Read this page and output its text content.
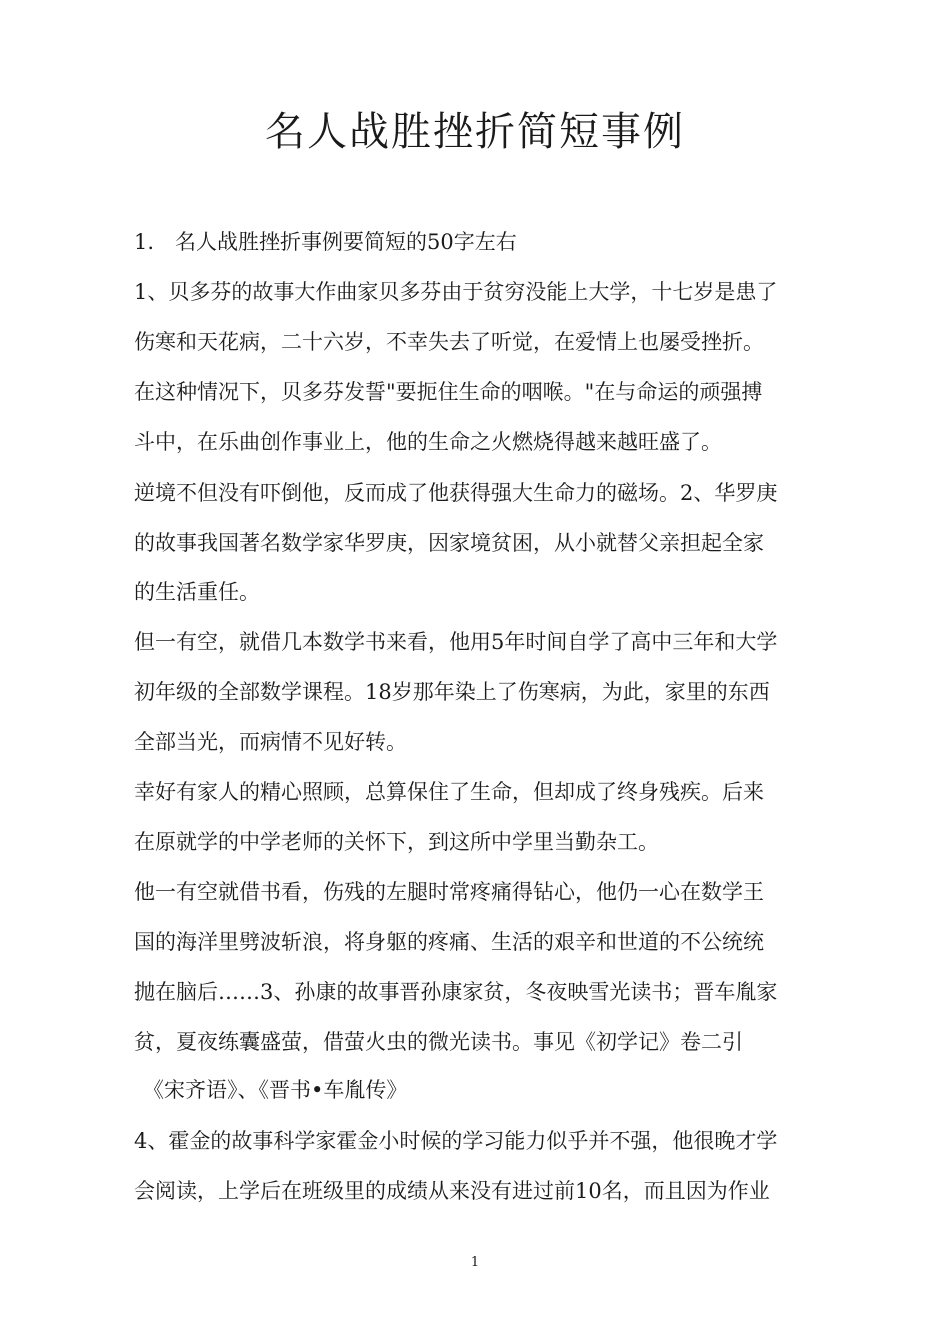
名人战胜挫折简短事例
1.　名人战胜挫折事例要简短的50字左右
1、贝多芬的故事大作曲家贝多芬由于贫穷没能上大学，十七岁是患了
伤寒和天花病，二十六岁，不幸失去了听觉，在爱情上也屡受挫折。
在这种情况下，贝多芬发誓"要扼住生命的咽喉。"在与命运的顽强搏
斗中，在乐曲创作事业上，他的生命之火燃烧得越来越旺盛了。
逆境不但没有吓倒他，反而成了他获得强大生命力的磁场。2、华罗庚
的故事我国著名数学家华罗庚，因家境贫困，从小就替父亲担起全家
的生活重任。
但一有空，就借几本数学书来看，他用5年时间自学了高中三年和大学
初年级的全部数学课程。18岁那年染上了伤寒病，为此，家里的东西
全部当光，而病情不见好转。
幸好有家人的精心照顾，总算保住了生命，但却成了终身残疾。后来
在原就学的中学老师的关怀下，到这所中学里当勤杂工。
他一有空就借书看，伤残的左腿时常疼痛得钻心，他仍一心在数学王
国的海洋里劈波斩浪，将身躯的疼痛、生活的艰辛和世道的不公统统
抛在脑后……3、孙康的故事晋孙康家贫，冬夜映雪光读书；晋车胤家
贫，夏夜练囊盛萤，借萤火虫的微光读书。事见《初学记》卷二引
《宋齐语》、《晋书•车胤传》
4、霍金的故事科学家霍金小时候的学习能力似乎并不强，他很晚才学
会阅读，上学后在班级里的成绩从来没有进过前10名，而且因为作业
1
